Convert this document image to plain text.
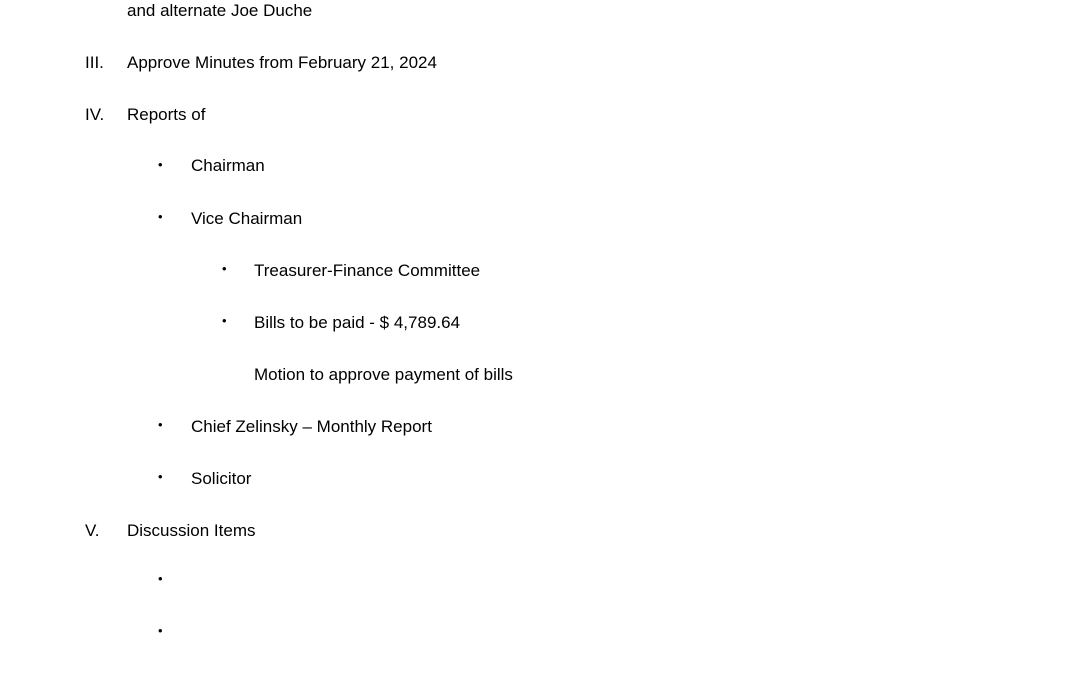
and alternate Joe Duche
III. Approve Minutes from February 21, 2024
IV. Reports of
• Chairman
• Vice Chairman
• Treasurer-Finance Committee
• Bills to be paid - $ 4,789.64
Motion to approve payment of bills
• Chief Zelinsky – Monthly Report
• Solicitor
V. Discussion Items
•
•
